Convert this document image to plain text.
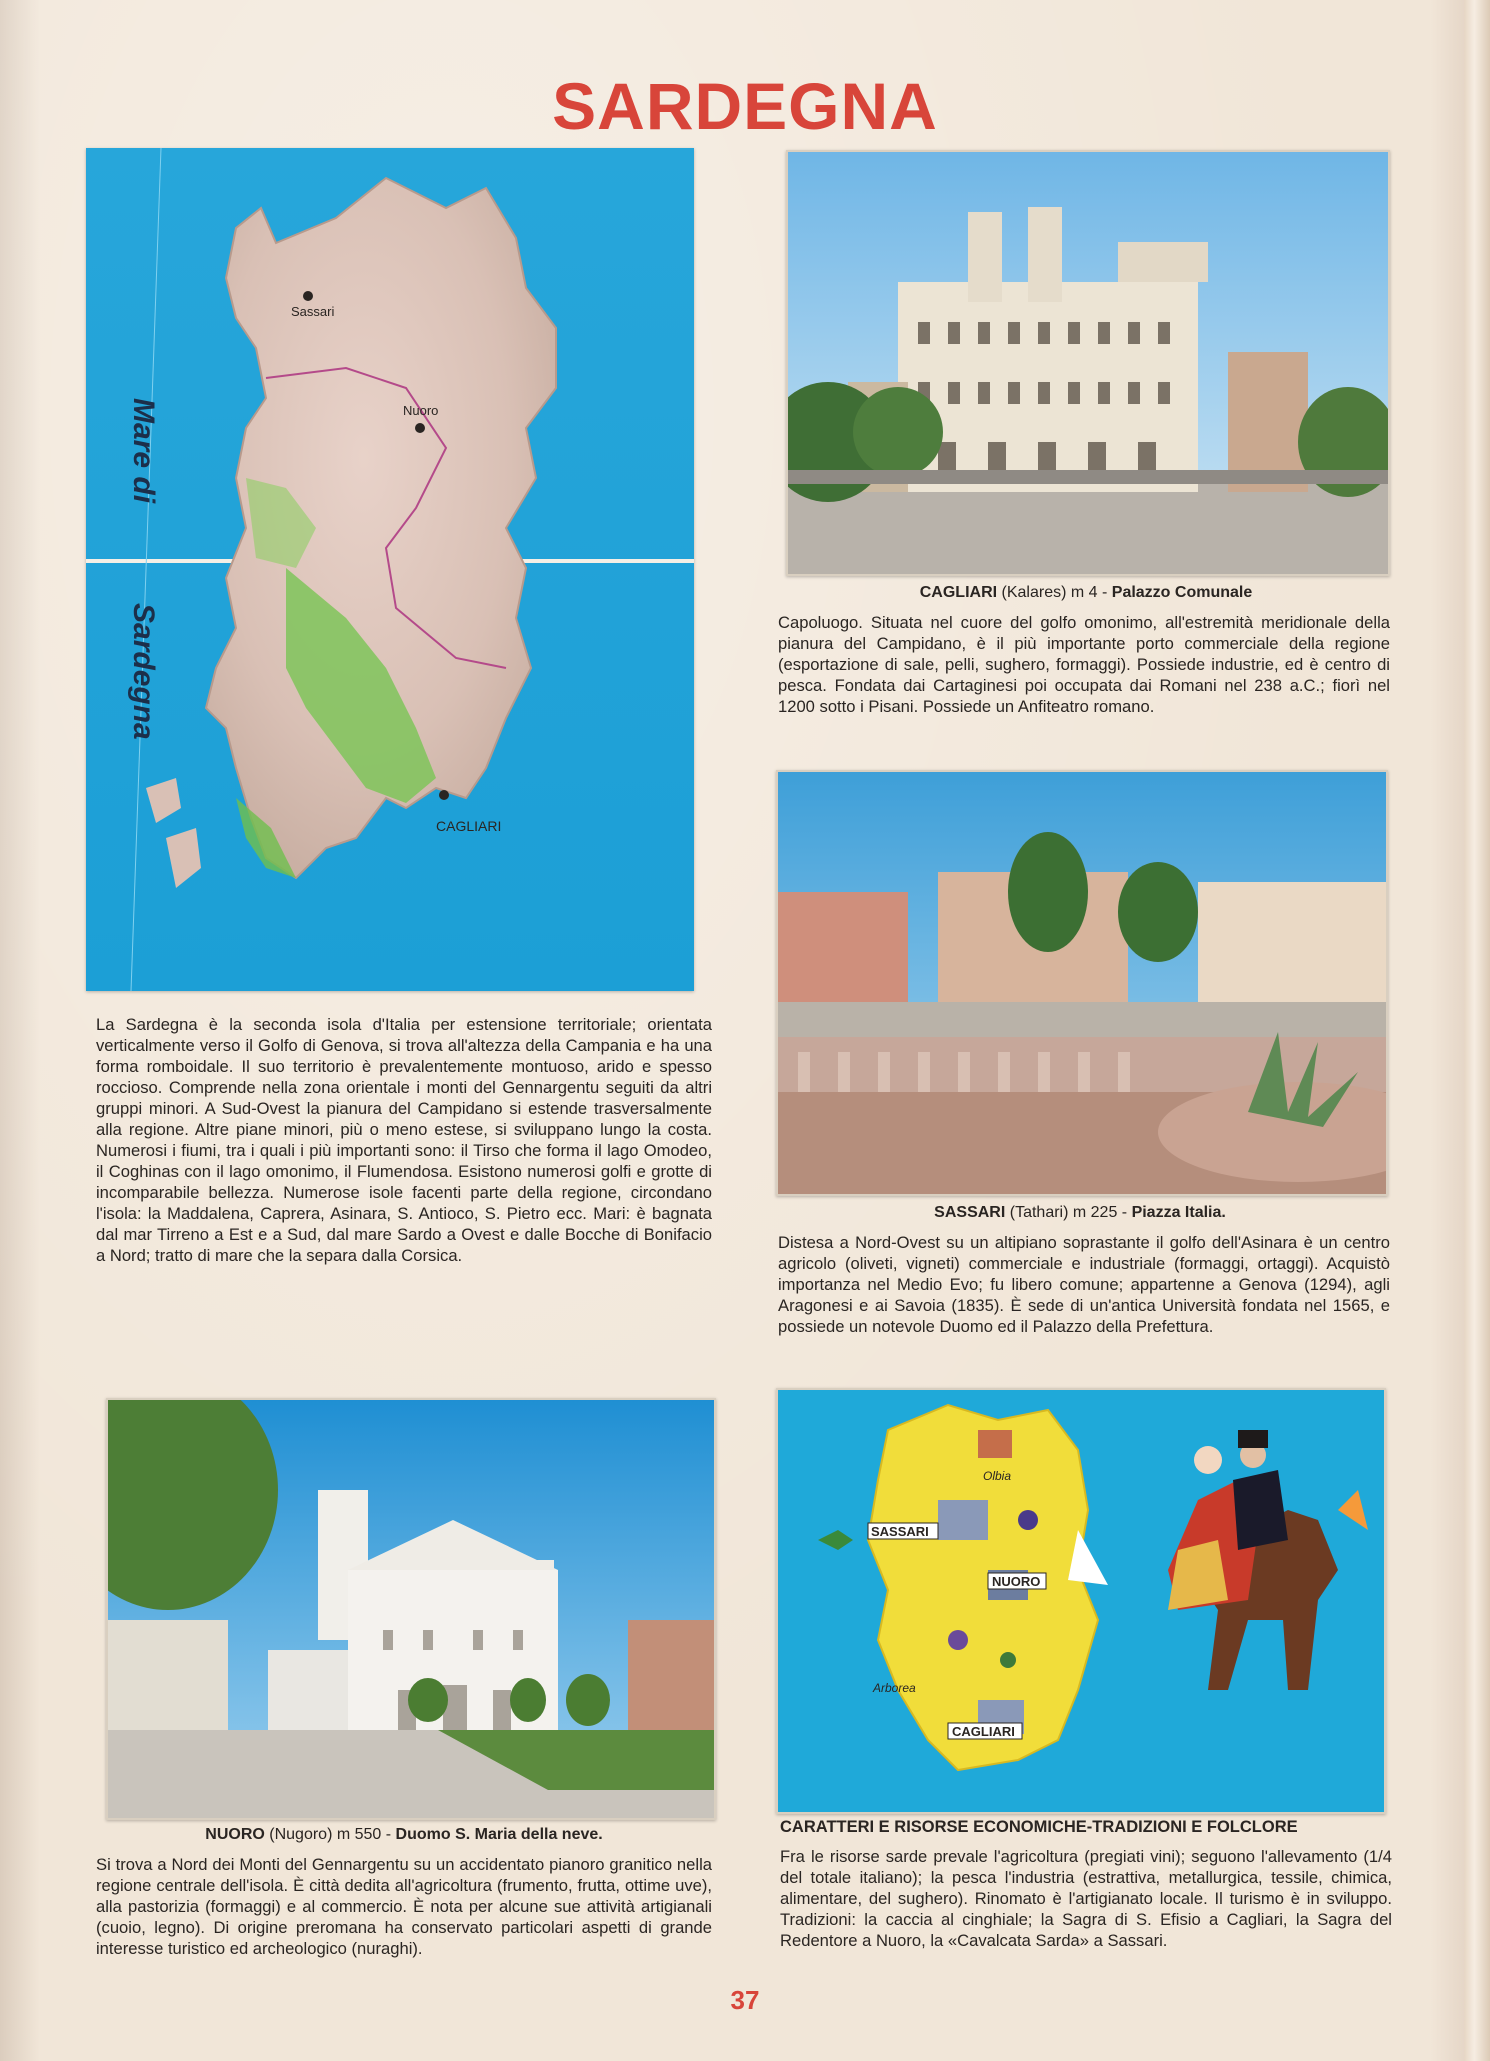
SARDEGNA
Sassari
Nuoro
CAGLIARI
Mare di
Sardegna
La Sardegna è la seconda isola d'Italia per estensione territoriale; orientata verticalmente verso il Golfo di Genova, si trova all'altezza della Campania e ha una forma romboidale. Il suo territorio è prevalentemente montuoso, arido e spesso roccioso. Comprende nella zona orientale i monti del Gennargentu seguiti da altri gruppi minori. A Sud-Ovest la pianura del Campidano si estende trasversalmente alla regione. Altre piane minori, più o meno estese, si sviluppano lungo la costa. Numerosi i fiumi, tra i quali i più importanti sono: il Tirso che forma il lago Omodeo, il Coghinas con il lago omonimo, il Flumendosa. Esistono numerosi golfi e grotte di incomparabile bellezza. Numerose isole facenti parte della regione, circondano l'isola: la Maddalena, Caprera, Asinara, S. Antioco, S. Pietro ecc. Mari: è bagnata dal mar Tirreno a Est e a Sud, dal mare Sardo a Ovest e dalle Bocche di Bonifacio a Nord; tratto di mare che la separa dalla Corsica.
CAGLIARI (Kalares) m 4 - Palazzo Comunale
Capoluogo. Situata nel cuore del golfo omonimo, all'estremità meridionale della pianura del Campidano, è il più importante porto commerciale della regione (esportazione di sale, pelli, sughero, formaggi). Possiede industrie, ed è centro di pesca. Fondata dai Cartaginesi poi occupata dai Romani nel 238 a.C.; fiorì nel 1200 sotto i Pisani. Possiede un Anfiteatro romano.
SASSARI (Tathari) m 225 - Piazza Italia.
Distesa a Nord-Ovest su un altipiano soprastante il golfo dell'Asinara è un centro agricolo (oliveti, vigneti) commerciale e industriale (formaggi, ortaggi). Acquistò importanza nel Medio Evo; fu libero comune; appartenne a Genova (1294), agli Aragonesi e ai Savoia (1835). È sede di un'antica Università fondata nel 1565, e possiede un notevole Duomo ed il Palazzo della Prefettura.
NUORO (Nugoro) m 550 - Duomo S. Maria della neve.
Si trova a Nord dei Monti del Gennargentu su un accidentato pianoro granitico nella regione centrale dell'isola. È città dedita all'agricoltura (frumento, frutta, ottime uve), alla pastorizia (formaggi) e al commercio. È nota per alcune sue attività artigianali (cuoio, legno). Di origine preromana ha conservato particolari aspetti di grande interesse turistico ed archeologico (nuraghi).
SASSARI
Olbia
NUORO
Arborea
CAGLIARI
CARATTERI E RISORSE ECONOMICHE-TRADIZIONI E FOLCLORE
Fra le risorse sarde prevale l'agricoltura (pregiati vini); seguono l'allevamento (1/4 del totale italiano); la pesca l'industria (estrattiva, metallurgica, tessile, chimica, alimentare, del sughero). Rinomato è l'artigianato locale. Il turismo è in sviluppo. Tradizioni: la caccia al cinghiale; la Sagra di S. Efisio a Cagliari, la Sagra del Redentore a Nuoro, la «Cavalcata Sarda» a Sassari.
37
